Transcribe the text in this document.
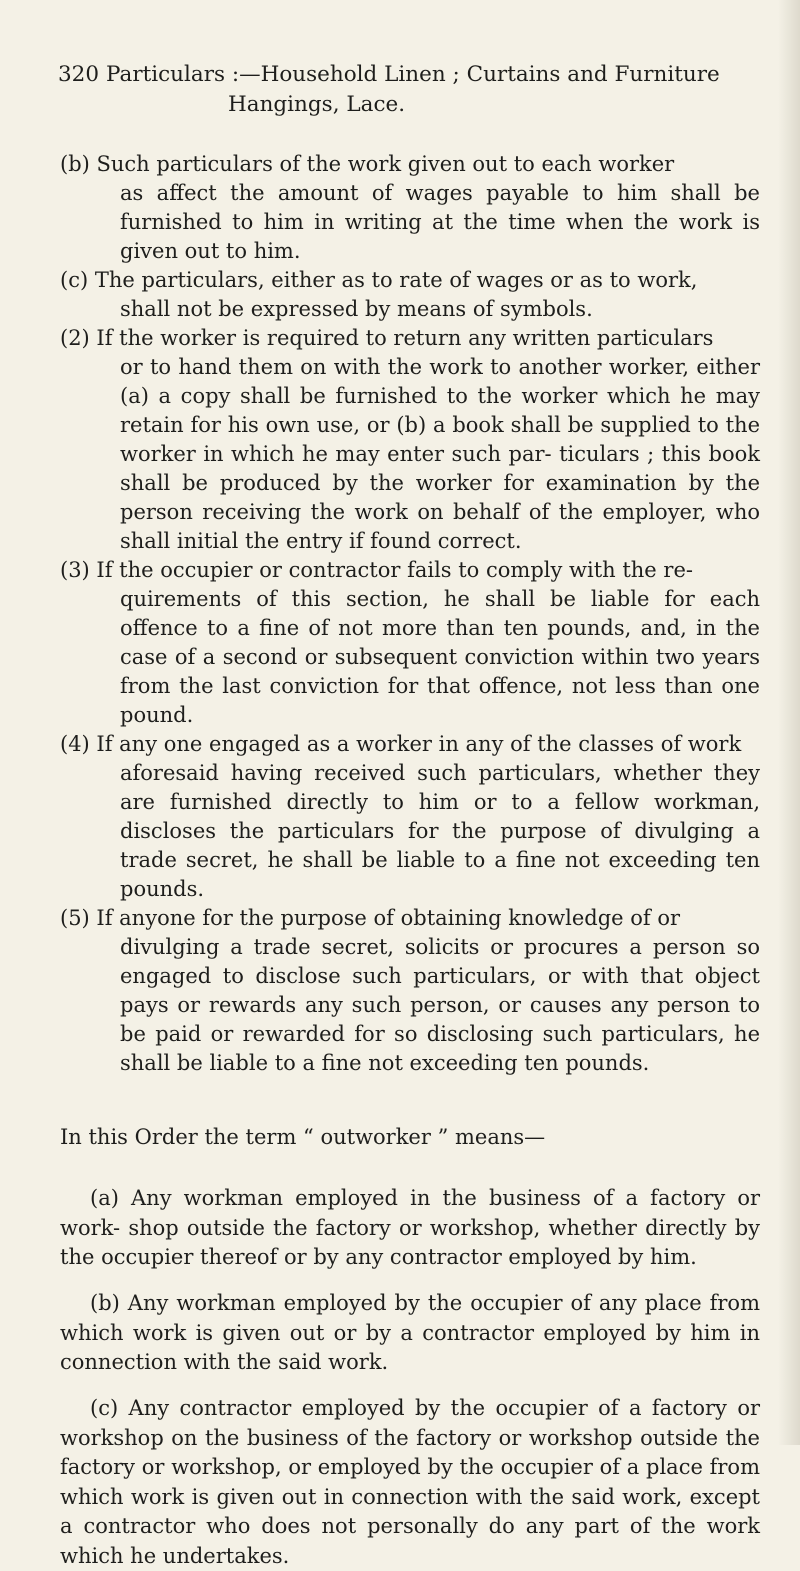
320 Particulars :—Household Linen ; Curtains and Furniture
Hangings, Lace.
(b) Such particulars of the work given out to each worker
as affect the amount of wages payable to him shall be furnished to him in writing at the time when the work is given out to him.
(c) The particulars, either as to rate of wages or as to work,
shall not be expressed by means of symbols.
(2) If the worker is required to return any written particulars
or to hand them on with the work to another worker, either (a) a copy shall be furnished to the worker which he may retain for his own use, or (b) a book shall be supplied to the worker in which he may enter such par- ticulars ; this book shall be produced by the worker for examination by the person receiving the work on behalf of the employer, who shall initial the entry if found correct.
(3) If the occupier or contractor fails to comply with the re-
quirements of this section, he shall be liable for each offence to a fine of not more than ten pounds, and, in the case of a second or subsequent conviction within two years from the last conviction for that offence, not less than one pound.
(4) If any one engaged as a worker in any of the classes of work
aforesaid having received such particulars, whether they are furnished directly to him or to a fellow workman, discloses the particulars for the purpose of divulging a trade secret, he shall be liable to a fine not exceeding ten pounds.
(5) If anyone for the purpose of obtaining knowledge of or
divulging a trade secret, solicits or procures a person so engaged to disclose such particulars, or with that object pays or rewards any such person, or causes any person to be paid or rewarded for so disclosing such particulars, he shall be liable to a fine not exceeding ten pounds.
In this Order the term “ outworker ” means—
(a) Any workman employed in the business of a factory or work- shop outside the factory or workshop, whether directly by the occupier thereof or by any contractor employed by him.
(b) Any workman employed by the occupier of any place from which work is given out or by a contractor employed by him in connection with the said work.
(c) Any contractor employed by the occupier of a factory or workshop on the business of the factory or workshop outside the factory or workshop, or employed by the occupier of a place from which work is given out in connection with the said work, except a contractor who does not personally do any part of the work which he undertakes.
